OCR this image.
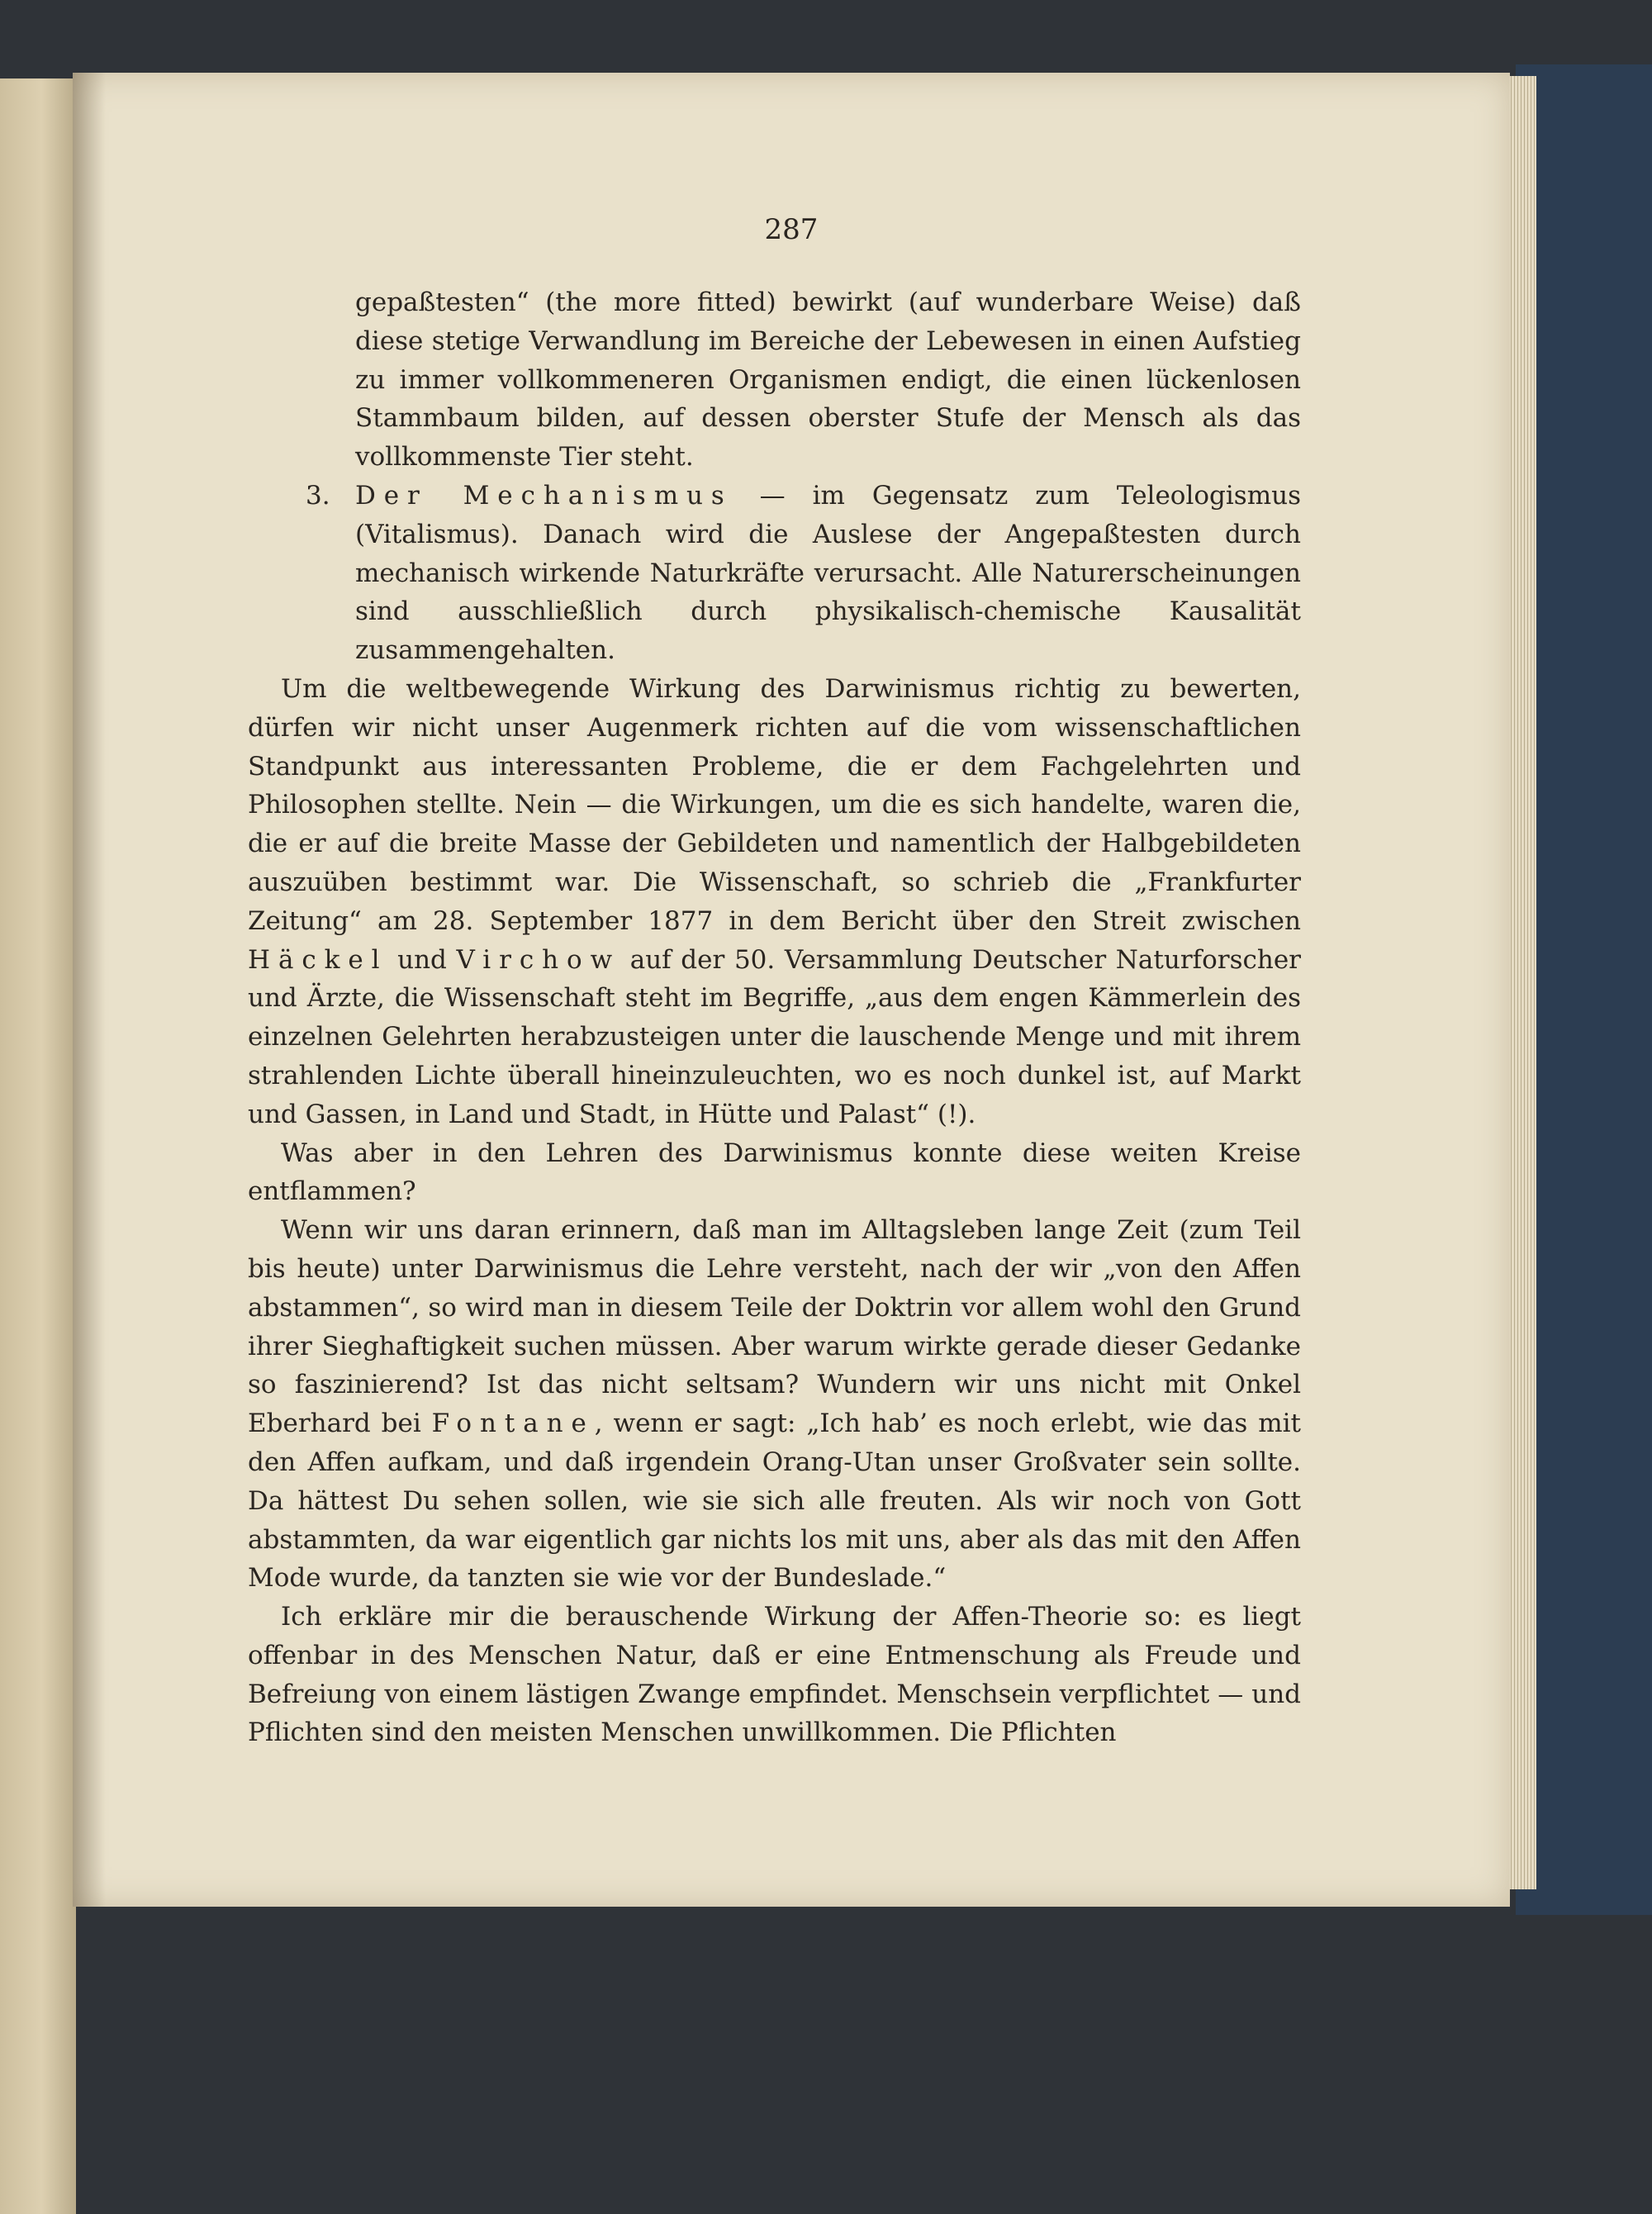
287

gepaßtesten“ (the more fitted) bewirkt (auf wunderbare Weise) daß diese stetige Verwandlung im Bereiche der Lebewesen in einen Aufstieg zu immer vollkommeneren Organismen endigt, die einen lückenlosen Stammbaum bilden, auf dessen oberster Stufe der Mensch als das vollkommenste Tier steht.

3. Der Mechanismus — im Gegensatz zum Teleologismus (Vitalismus). Danach wird die Auslese der Angepaßtesten durch mechanisch wirkende Naturkräfte verursacht. Alle Naturerscheinungen sind ausschließlich durch physikalisch-chemische Kausalität zusammengehalten.

Um die weltbewegende Wirkung des Darwinismus richtig zu bewerten, dürfen wir nicht unser Augenmerk richten auf die vom wissenschaftlichen Standpunkt aus interessanten Probleme, die er dem Fachgelehrten und Philosophen stellte. Nein — die Wirkungen, um die es sich handelte, waren die, die er auf die breite Masse der Gebildeten und namentlich der Halbgebildeten auszuüben bestimmt war. Die Wissenschaft, so schrieb die „Frankfurter Zeitung“ am 28. September 1877 in dem Bericht über den Streit zwischen Häckel und Virchow auf der 50. Versammlung Deutscher Naturforscher und Ärzte, die Wissenschaft steht im Begriffe, „aus dem engen Kämmerlein des einzelnen Gelehrten herabzusteigen unter die lauschende Menge und mit ihrem strahlenden Lichte überall hineinzuleuchten, wo es noch dunkel ist, auf Markt und Gassen, in Land und Stadt, in Hütte und Palast“ (!).

Was aber in den Lehren des Darwinismus konnte diese weiten Kreise entflammen?

Wenn wir uns daran erinnern, daß man im Alltagsleben lange Zeit (zum Teil bis heute) unter Darwinismus die Lehre versteht, nach der wir „von den Affen abstammen“, so wird man in diesem Teile der Doktrin vor allem wohl den Grund ihrer Sieghaftigkeit suchen müssen. Aber warum wirkte gerade dieser Gedanke so faszinierend? Ist das nicht seltsam? Wundern wir uns nicht mit Onkel Eberhard bei Fontane, wenn er sagt: „Ich hab’ es noch erlebt, wie das mit den Affen aufkam, und daß irgendein Orang-Utan unser Großvater sein sollte. Da hättest Du sehen sollen, wie sie sich alle freuten. Als wir noch von Gott abstammten, da war eigentlich gar nichts los mit uns, aber als das mit den Affen Mode wurde, da tanzten sie wie vor der Bundeslade.“

Ich erkläre mir die berauschende Wirkung der Affen-Theorie so: es liegt offenbar in des Menschen Natur, daß er eine Entmenschung als Freude und Befreiung von einem lästigen Zwange empfindet. Menschsein verpflichtet — und Pflichten sind den meisten Menschen unwillkommen. Die Pflichten
